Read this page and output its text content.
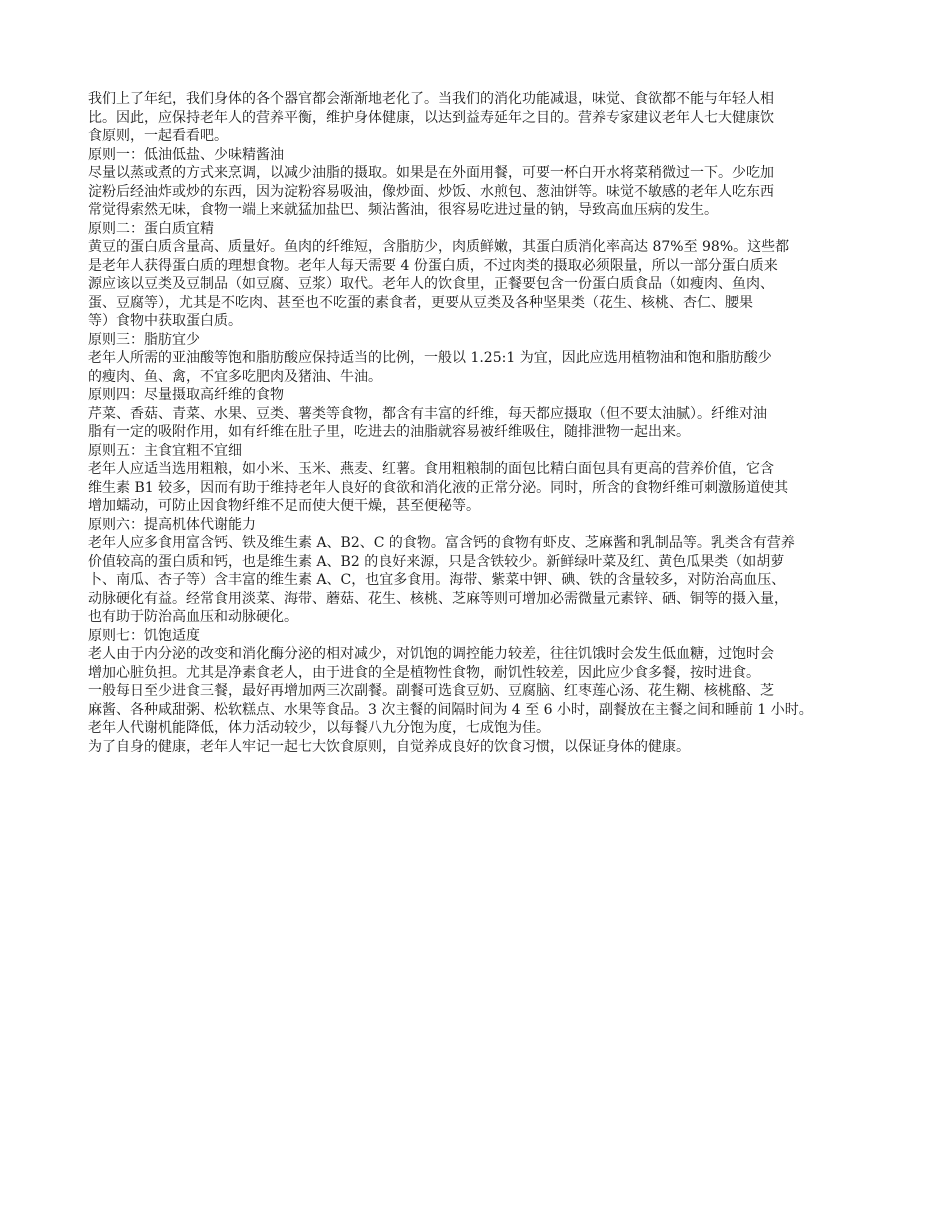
我们上了年纪，我们身体的各个器官都会渐渐地老化了。当我们的消化功能减退，味觉、食欲都不能与年轻人相
比。因此，应保持老年人的营养平衡，维护身体健康，以达到益寿延年之目的。营养专家建议老年人七大健康饮
食原则，一起看看吧。
原则一：低油低盐、少味精酱油
尽量以蒸或煮的方式来烹调，以减少油脂的摄取。如果是在外面用餐，可要一杯白开水将菜稍微过一下。少吃加
淀粉后经油炸或炒的东西，因为淀粉容易吸油，像炒面、炒饭、水煎包、葱油饼等。味觉不敏感的老年人吃东西
常觉得索然无味，食物一端上来就猛加盐巴、频沾酱油，很容易吃进过量的钠，导致高血压病的发生。
原则二：蛋白质宜精
黄豆的蛋白质含量高、质量好。鱼肉的纤维短，含脂肪少，肉质鲜嫩，其蛋白质消化率高达 87%至 98%。这些都
是老年人获得蛋白质的理想食物。老年人每天需要 4 份蛋白质，不过肉类的摄取必须限量，所以一部分蛋白质来
源应该以豆类及豆制品（如豆腐、豆浆）取代。老年人的饮食里，正餐要包含一份蛋白质食品（如瘦肉、鱼肉、
蛋、豆腐等），尤其是不吃肉、甚至也不吃蛋的素食者，更要从豆类及各种坚果类（花生、核桃、杏仁、腰果
等）食物中获取蛋白质。
原则三：脂肪宜少
老年人所需的亚油酸等饱和脂肪酸应保持适当的比例，一般以 1.25:1 为宜，因此应选用植物油和饱和脂肪酸少
的瘦肉、鱼、禽，不宜多吃肥肉及猪油、牛油。
原则四：尽量摄取高纤维的食物
芹菜、香菇、青菜、水果、豆类、薯类等食物，都含有丰富的纤维，每天都应摄取（但不要太油腻）。纤维对油
脂有一定的吸附作用，如有纤维在肚子里，吃进去的油脂就容易被纤维吸住，随排泄物一起出来。
原则五：主食宜粗不宜细
老年人应适当选用粗粮，如小米、玉米、燕麦、红薯。食用粗粮制的面包比精白面包具有更高的营养价值，它含
维生素 B1 较多，因而有助于维持老年人良好的食欲和消化液的正常分泌。同时，所含的食物纤维可刺激肠道使其
增加蠕动，可防止因食物纤维不足而使大便干燥，甚至便秘等。
原则六：提高机体代谢能力
老年人应多食用富含钙、铁及维生素 A、B2、C 的食物。富含钙的食物有虾皮、芝麻酱和乳制品等。乳类含有营养
价值较高的蛋白质和钙，也是维生素 A、B2 的良好来源，只是含铁较少。新鲜绿叶菜及红、黄色瓜果类（如胡萝
卜、南瓜、杏子等）含丰富的维生素 A、C，也宜多食用。海带、紫菜中钾、碘、铁的含量较多，对防治高血压、
动脉硬化有益。经常食用淡菜、海带、蘑菇、花生、核桃、芝麻等则可增加必需微量元素锌、硒、铜等的摄入量，
也有助于防治高血压和动脉硬化。
原则七：饥饱适度
老人由于内分泌的改变和消化酶分泌的相对减少，对饥饱的调控能力较差，往往饥饿时会发生低血糖，过饱时会
增加心脏负担。尤其是净素食老人，由于进食的全是植物性食物，耐饥性较差，因此应少食多餐，按时进食。
一般每日至少进食三餐，最好再增加两三次副餐。副餐可选食豆奶、豆腐脑、红枣莲心汤、花生糊、核桃酪、芝
麻酱、各种咸甜粥、松软糕点、水果等食品。3 次主餐的间隔时间为 4 至 6 小时，副餐放在主餐之间和睡前 1 小时。
老年人代谢机能降低，体力活动较少，以每餐八九分饱为度，七成饱为佳。
为了自身的健康，老年人牢记一起七大饮食原则，自觉养成良好的饮食习惯，以保证身体的健康。
